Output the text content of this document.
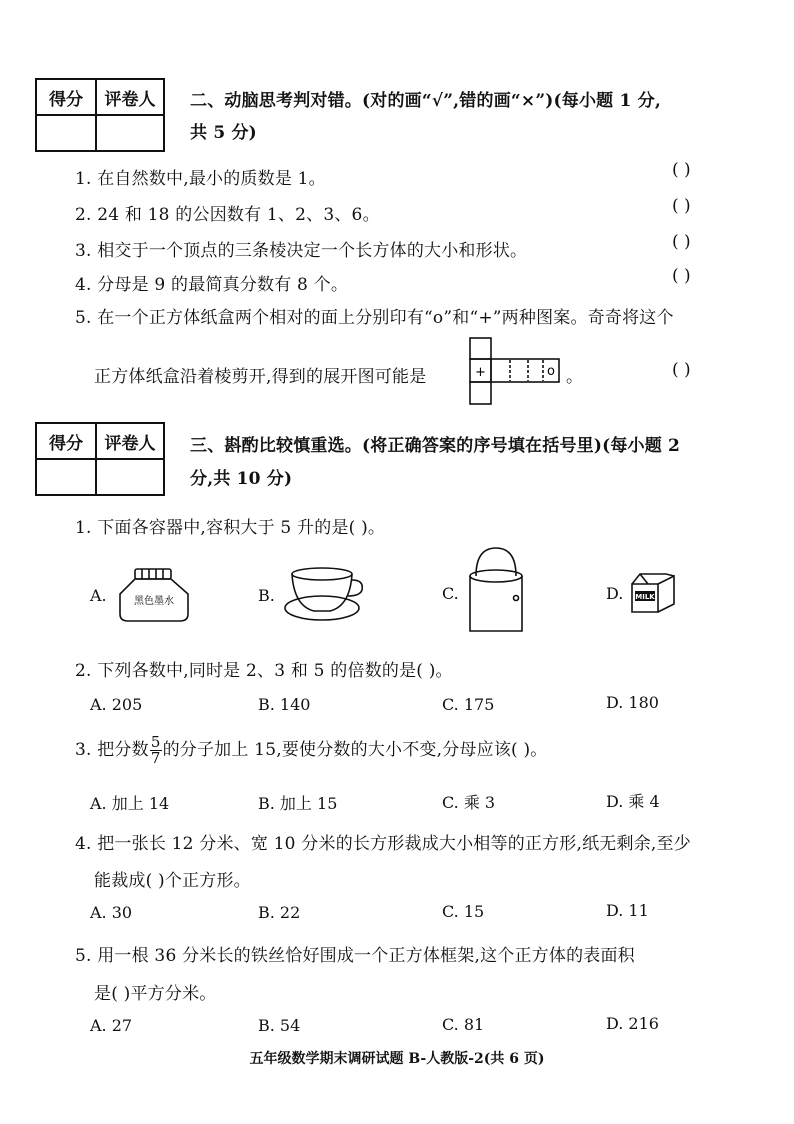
得分	评卷人
	二、动脑思考判对错。(对的画“√”,错的画“×”)(每小题 1 分,
共 5 分)
1. 在自然数中,最小的质数是 1。	( )
2. 24 和 18 的公因数有 1、2、3、6。	( )
3. 相交于一个顶点的三条棱决定一个长方体的大小和形状。	( )
4. 分母是 9 的最简真分数有 8 个。	( )
5. 在一个正方体纸盒两个相对的面上分别印有“o”和“+”两种图案。奇奇将这个
正方体纸盒沿着棱剪开,得到的展开图可能是	+	o 。	( )
得分	评卷人
	三、斟酌比较慎重选。(将正确答案的序号填在括号里)(每小题 2
分,共 10 分)
1. 下面各容器中,容积大于 5 升的是( )。
A.	黑色墨水	B.	C.	D. MILK
2. 下列各数中,同时是 2、3 和 5 的倍数的是( )。
A. 205	B. 140	C. 175	D. 180
3. 把分数 $\frac{5}{7}$ 的分子加上 15,要使分数的大小不变,分母应该( )。
A. 加上 14	B. 加上 15	C. 乘 3	D. 乘 4
4. 把一张长 12 分米、宽 10 分米的长方形裁成大小相等的正方形,纸无剩余,至少
能裁成( )个正方形。
A. 30	B. 22	C. 15	D. 11
5. 用一根 36 分米长的铁丝恰好围成一个正方体框架,这个正方体的表面积
是( )平方分米。
A. 27	B. 54	C. 81	D. 216
五年级数学期末调研试题 B-人教版-2(共 6 页)
